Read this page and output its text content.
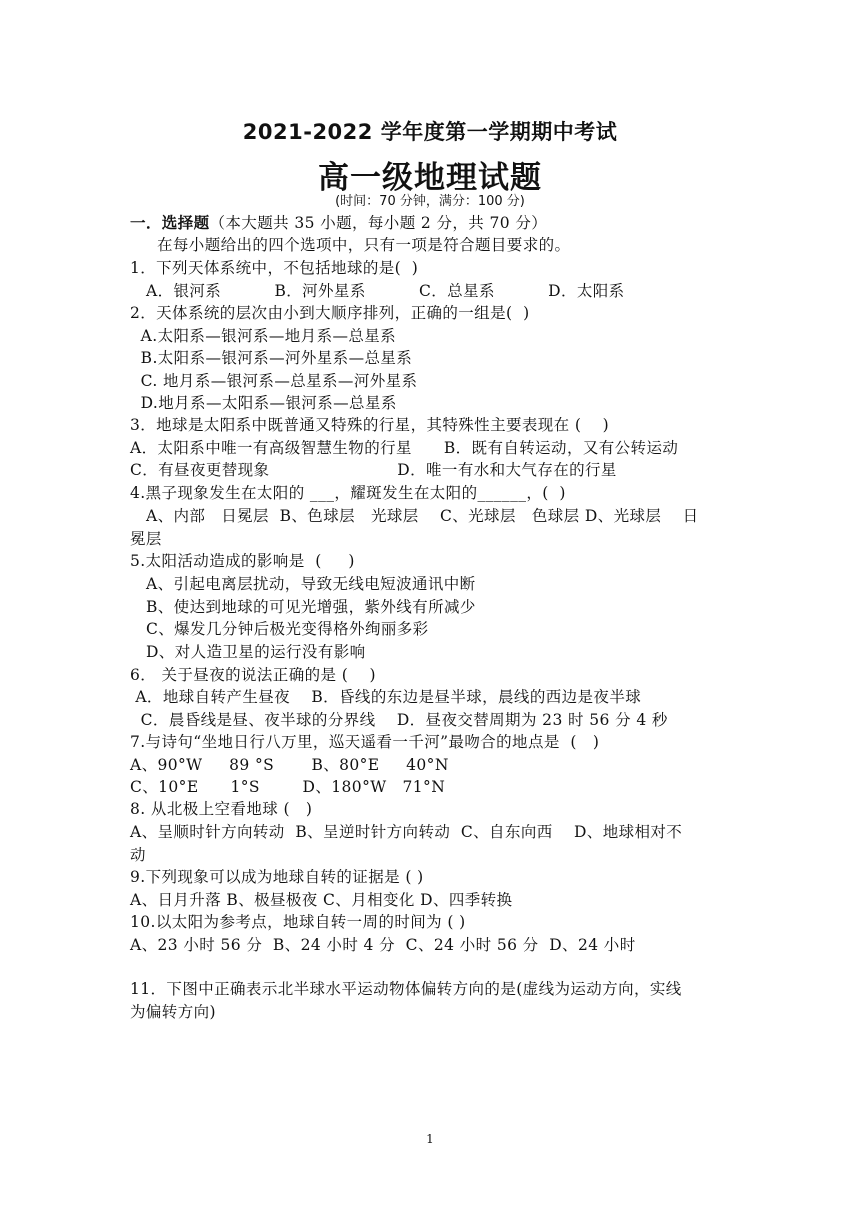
2021-2022 学年度第一学期期中考试
高一级地理试题
(时间：70 分钟，满分：100 分)
一．选择题（本大题共 35 小题，每小题 2 分，共 70 分）
在每小题给出的四个选项中，只有一项是符合题目要求的。
1．下列天体系统中，不包括地球的是(  )
A．银河系          B．河外星系          C．总星系          D．太阳系
2．天体系统的层次由小到大顺序排列，正确的一组是(  )
A.太阳系—银河系—地月系—总星系
B.太阳系—银河系—河外星系—总星系
C. 地月系—银河系—总星系—河外星系
D.地月系—太阳系—银河系—总星系
3．地球是太阳系中既普通又特殊的行星，其特殊性主要表现在 (    )
A．太阳系中唯一有高级智慧生物的行星      B．既有自转运动，又有公转运动
C．有昼夜更替现象                        D．唯一有水和大气存在的行星
4.黑子现象发生在太阳的 ___，耀斑发生在太阳的______，(  )
A、内部   日冕层  B、色球层   光球层    C、光球层   色球层 D、光球层    日
冕层
5.太阳活动造成的影响是  (     )
A、引起电离层扰动，导致无线电短波通讯中断
B、使达到地球的可见光增强，紫外线有所减少
C、爆发几分钟后极光变得格外绚丽多彩
D、对人造卫星的运行没有影响
6． 关于昼夜的说法正确的是 (    )
A．地球自转产生昼夜    B．昏线的东边是昼半球，晨线的西边是夜半球
C．晨昏线是昼、夜半球的分界线    D．昼夜交替周期为 23 时 56 分 4 秒
7.与诗句“坐地日行八万里，巡天遥看一千河”最吻合的地点是  (   )
A、90°W     89 °S       B、80°E     40°N
C、10°E      1°S        D、180°W   71°N
8. 从北极上空看地球 (   )
A、呈顺时针方向转动  B、呈逆时针方向转动  C、自东向西    D、地球相对不
动
9.下列现象可以成为地球自转的证据是 ( )
A、日月升落 B、极昼极夜 C、月相变化 D、四季转换
10.以太阳为参考点，地球自转一周的时间为 ( )
A、23 小时 56 分  B、24 小时 4 分  C、24 小时 56 分  D、24 小时
11．下图中正确表示北半球水平运动物体偏转方向的是(虚线为运动方向，实线
为偏转方向)
1
